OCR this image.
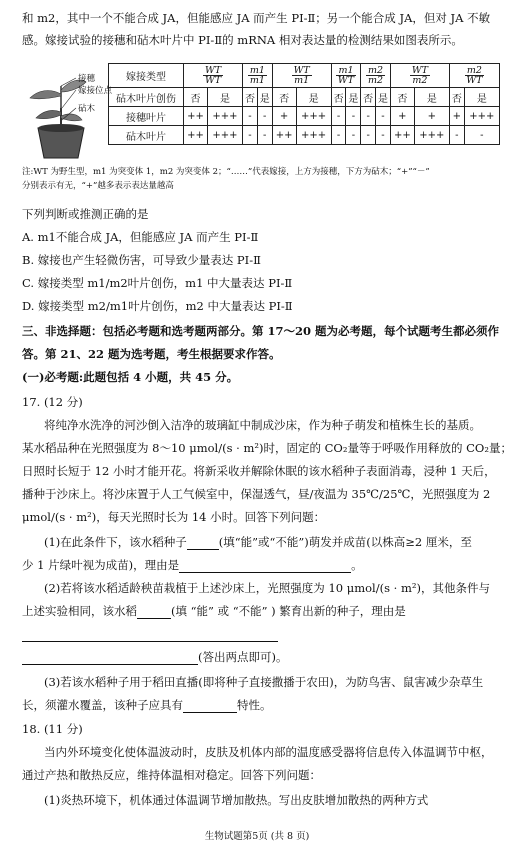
和 m2，其中一个不能合成 JA，但能感应 JA 而产生 PI-Ⅱ；另一个能合成 JA，但对 JA 不敏
感。嫁接试验的接穗和砧木叶片中 PI-Ⅱ的 mRNA 相对表达量的检测结果如图表所示。
接穗
嫁接位点
砧木
嫁接类型	$\frac{WT}{WT}$		$\frac{m1}{m1}$		$\frac{WT}{m1}$		$\frac{m1}{WT}$		$\frac{m2}{m2}$		$\frac{WT}{m2}$		$\frac{m2}{WT}$

砧木叶片创伤	否	是	否	是	否	是	否	是	否	是	否	是	否	是
接穗叶片	++	+++	-	-	+	+++	-	-	-	-	+	+	+	+++
砧木叶片	++	+++	-	-	++	+++	-	-	-	-	++	+++	-	-
注:WT 为野生型，m1 为突变体 1，m2 为突变体 2；“……”代表嫁接，上方为接穗，下方为砧木；“+”“－”
分别表示有无，“+”越多表示表达量越高
下列判断或推测正确的是
A. m1不能合成 JA，但能感应 JA 而产生 PI-Ⅱ
B. 嫁接也产生轻微伤害，可导致少量表达 PI-Ⅱ
C. 嫁接类型 m1/m2叶片创伤，m1 中大量表达 PI-Ⅱ
D. 嫁接类型 m2/m1叶片创伤，m2 中大量表达 PI-Ⅱ
三、非选择题：包括必考题和选考题两部分。第 17～20 题为必考题，每个试题考生都必须作
答。第 21、22 题为选考题，考生根据要求作答。
(一)必考题:此题包括 4 小题，共 45 分。
17. (12 分)
将纯净水洗净的河沙倒入洁净的玻璃缸中制成沙床，作为种子萌发和植株生长的基质。
某水稻品种在光照强度为 8～10 μmol/(s · m²)时，固定的 CO₂量等于呼吸作用释放的 CO₂量；
日照时长短于 12 小时才能开花。将新采收并解除休眠的该水稻种子表面消毒，浸种 1 天后，
播种于沙床上。将沙床置于人工气候室中，保湿透气，昼/夜温为 35℃/25℃，光照强度为 2
μmol/(s · m²)，每天光照时长为 14 小时。回答下列问题：
(1)在此条件下，该水稻种子	(填“能”或“不能”)萌发并成苗(以株高≥2 厘米，至
少 1 片绿叶视为成苗)，理由是	。
(2)若将该水稻适龄秧苗栽植于上述沙床上，光照强度为 10 μmol/(s · m²)，其他条件与
上述实验相同，该水稻	(填 “能” 或 “不能” ) 繁育出新的种子，理由是
(答出两点即可)。
(3)若该水稻种子用于稻田直播(即将种子直接撒播于农田)，为防鸟害、鼠害减少杂草生
长，须灌水覆盖，该种子应具有	特性。
18. (11 分)
当内外环境变化使体温波动时，皮肤及机体内部的温度感受器将信息传入体温调节中枢，
通过产热和散热反应，维持体温相对稳定。回答下列问题：
(1)炎热环境下，机体通过体温调节增加散热。写出皮肤增加散热的两种方式
生物试题第5页 (共 8 页)
